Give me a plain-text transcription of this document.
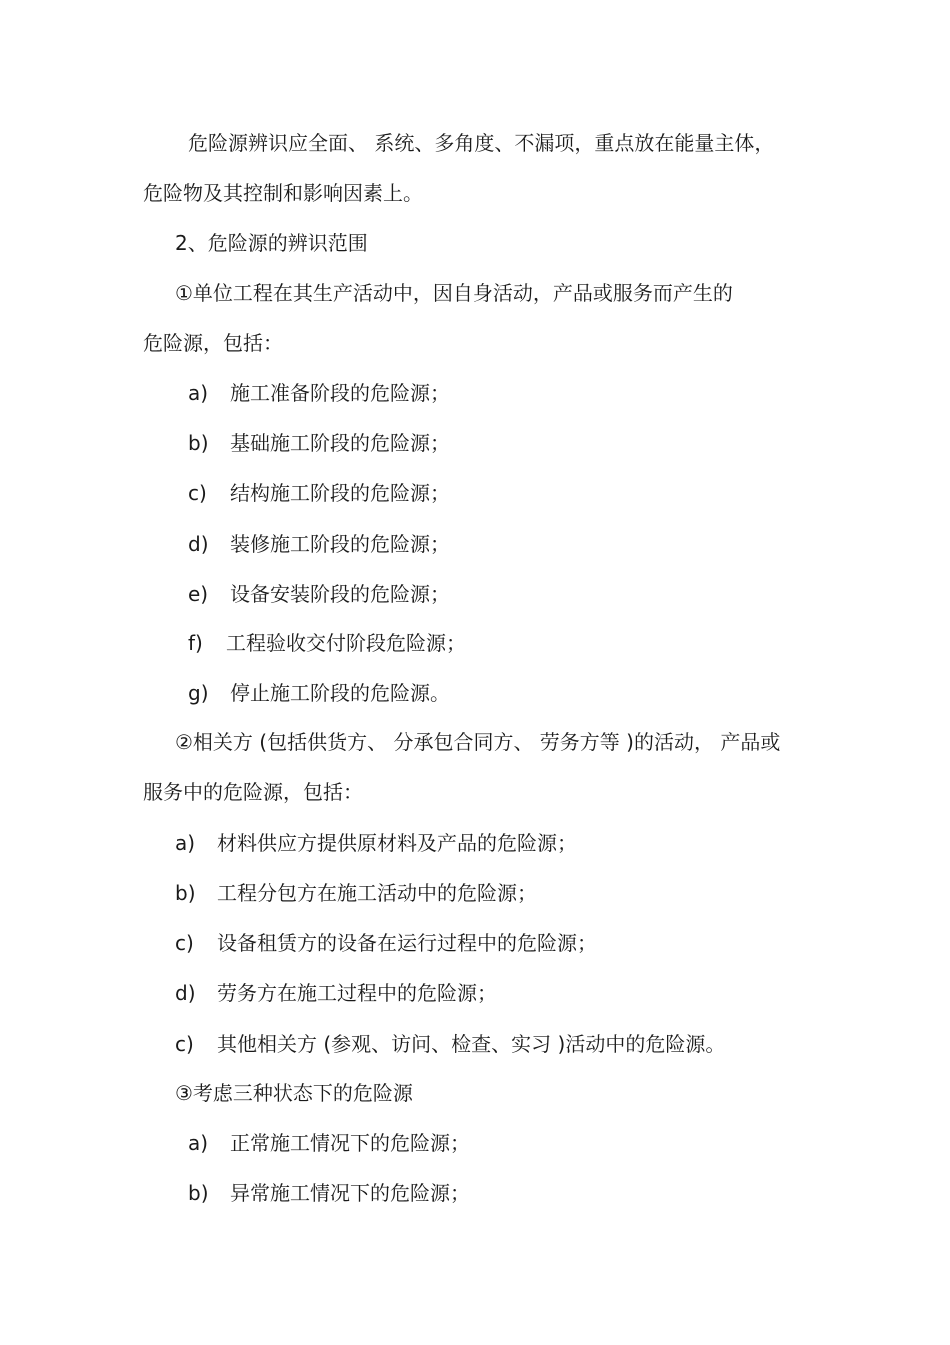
危险源辨识应全面、 系统、多角度、不漏项，重点放在能量主体，
危险物及其控制和影响因素上。
2、危险源的辨识范围
①单位工程在其生产活动中，因自身活动，产品或服务而产生的
危险源，包括：
a) 施工准备阶段的危险源；
b) 基础施工阶段的危险源；
c) 结构施工阶段的危险源；
d) 装修施工阶段的危险源；
e) 设备安装阶段的危险源；
f) 工程验收交付阶段危险源；
g) 停止施工阶段的危险源。
②相关方 (包括供货方、 分承包合同方、 劳务方等 )的活动， 产品或
服务中的危险源，包括：
a) 材料供应方提供原材料及产品的危险源；
b) 工程分包方在施工活动中的危险源；
c) 设备租赁方的设备在运行过程中的危险源；
d) 劳务方在施工过程中的危险源；
c) 其他相关方 (参观、访问、检查、实习 )活动中的危险源。
③考虑三种状态下的危险源
a) 正常施工情况下的危险源；
b) 异常施工情况下的危险源；
